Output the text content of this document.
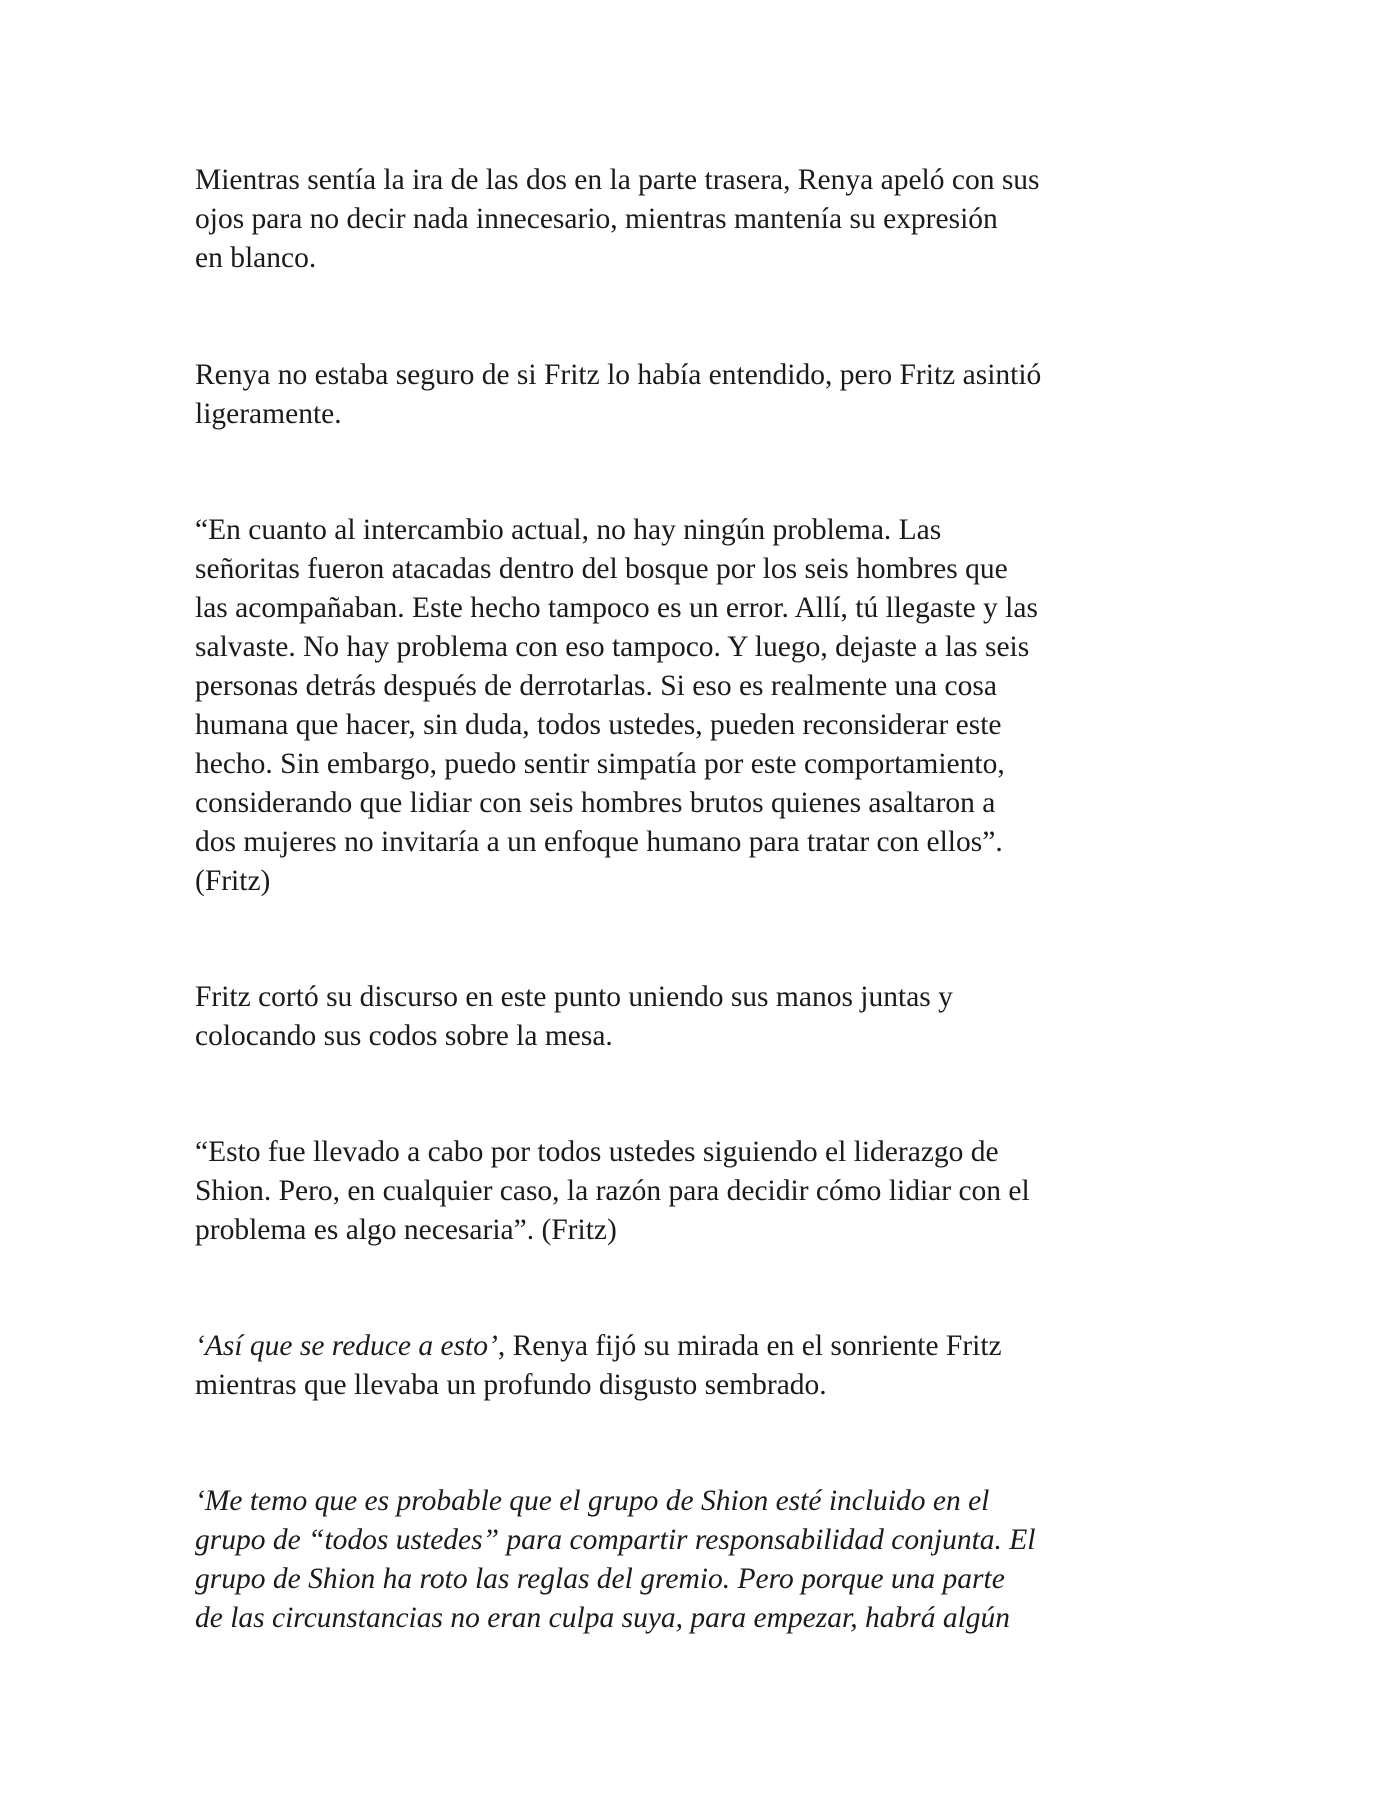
Mientras sentía la ira de las dos en la parte trasera, Renya apeló con sus
ojos para no decir nada innecesario, mientras mantenía su expresión
en blanco.

Renya no estaba seguro de si Fritz lo había entendido, pero Fritz asintió
ligeramente.

“En cuanto al intercambio actual, no hay ningún problema. Las
señoritas fueron atacadas dentro del bosque por los seis hombres que
las acompañaban. Este hecho tampoco es un error. Allí, tú llegaste y las
salvaste. No hay problema con eso tampoco. Y luego, dejaste a las seis
personas detrás después de derrotarlas. Si eso es realmente una cosa
humana que hacer, sin duda, todos ustedes, pueden reconsiderar este
hecho. Sin embargo, puedo sentir simpatía por este comportamiento,
considerando que lidiar con seis hombres brutos quienes asaltaron a
dos mujeres no invitaría a un enfoque humano para tratar con ellos”.
(Fritz)

Fritz cortó su discurso en este punto uniendo sus manos juntas y
colocando sus codos sobre la mesa.

“Esto fue llevado a cabo por todos ustedes siguiendo el liderazgo de
Shion. Pero, en cualquier caso, la razón para decidir cómo lidiar con el
problema es algo necesaria”. (Fritz)

‘Así que se reduce a esto’, Renya fijó su mirada en el sonriente Fritz
mientras que llevaba un profundo disgusto sembrado.

‘Me temo que es probable que el grupo de Shion esté incluido en el
grupo de “todos ustedes” para compartir responsabilidad conjunta. El
grupo de Shion ha roto las reglas del gremio. Pero porque una parte
de las circunstancias no eran culpa suya, para empezar, habrá algún
